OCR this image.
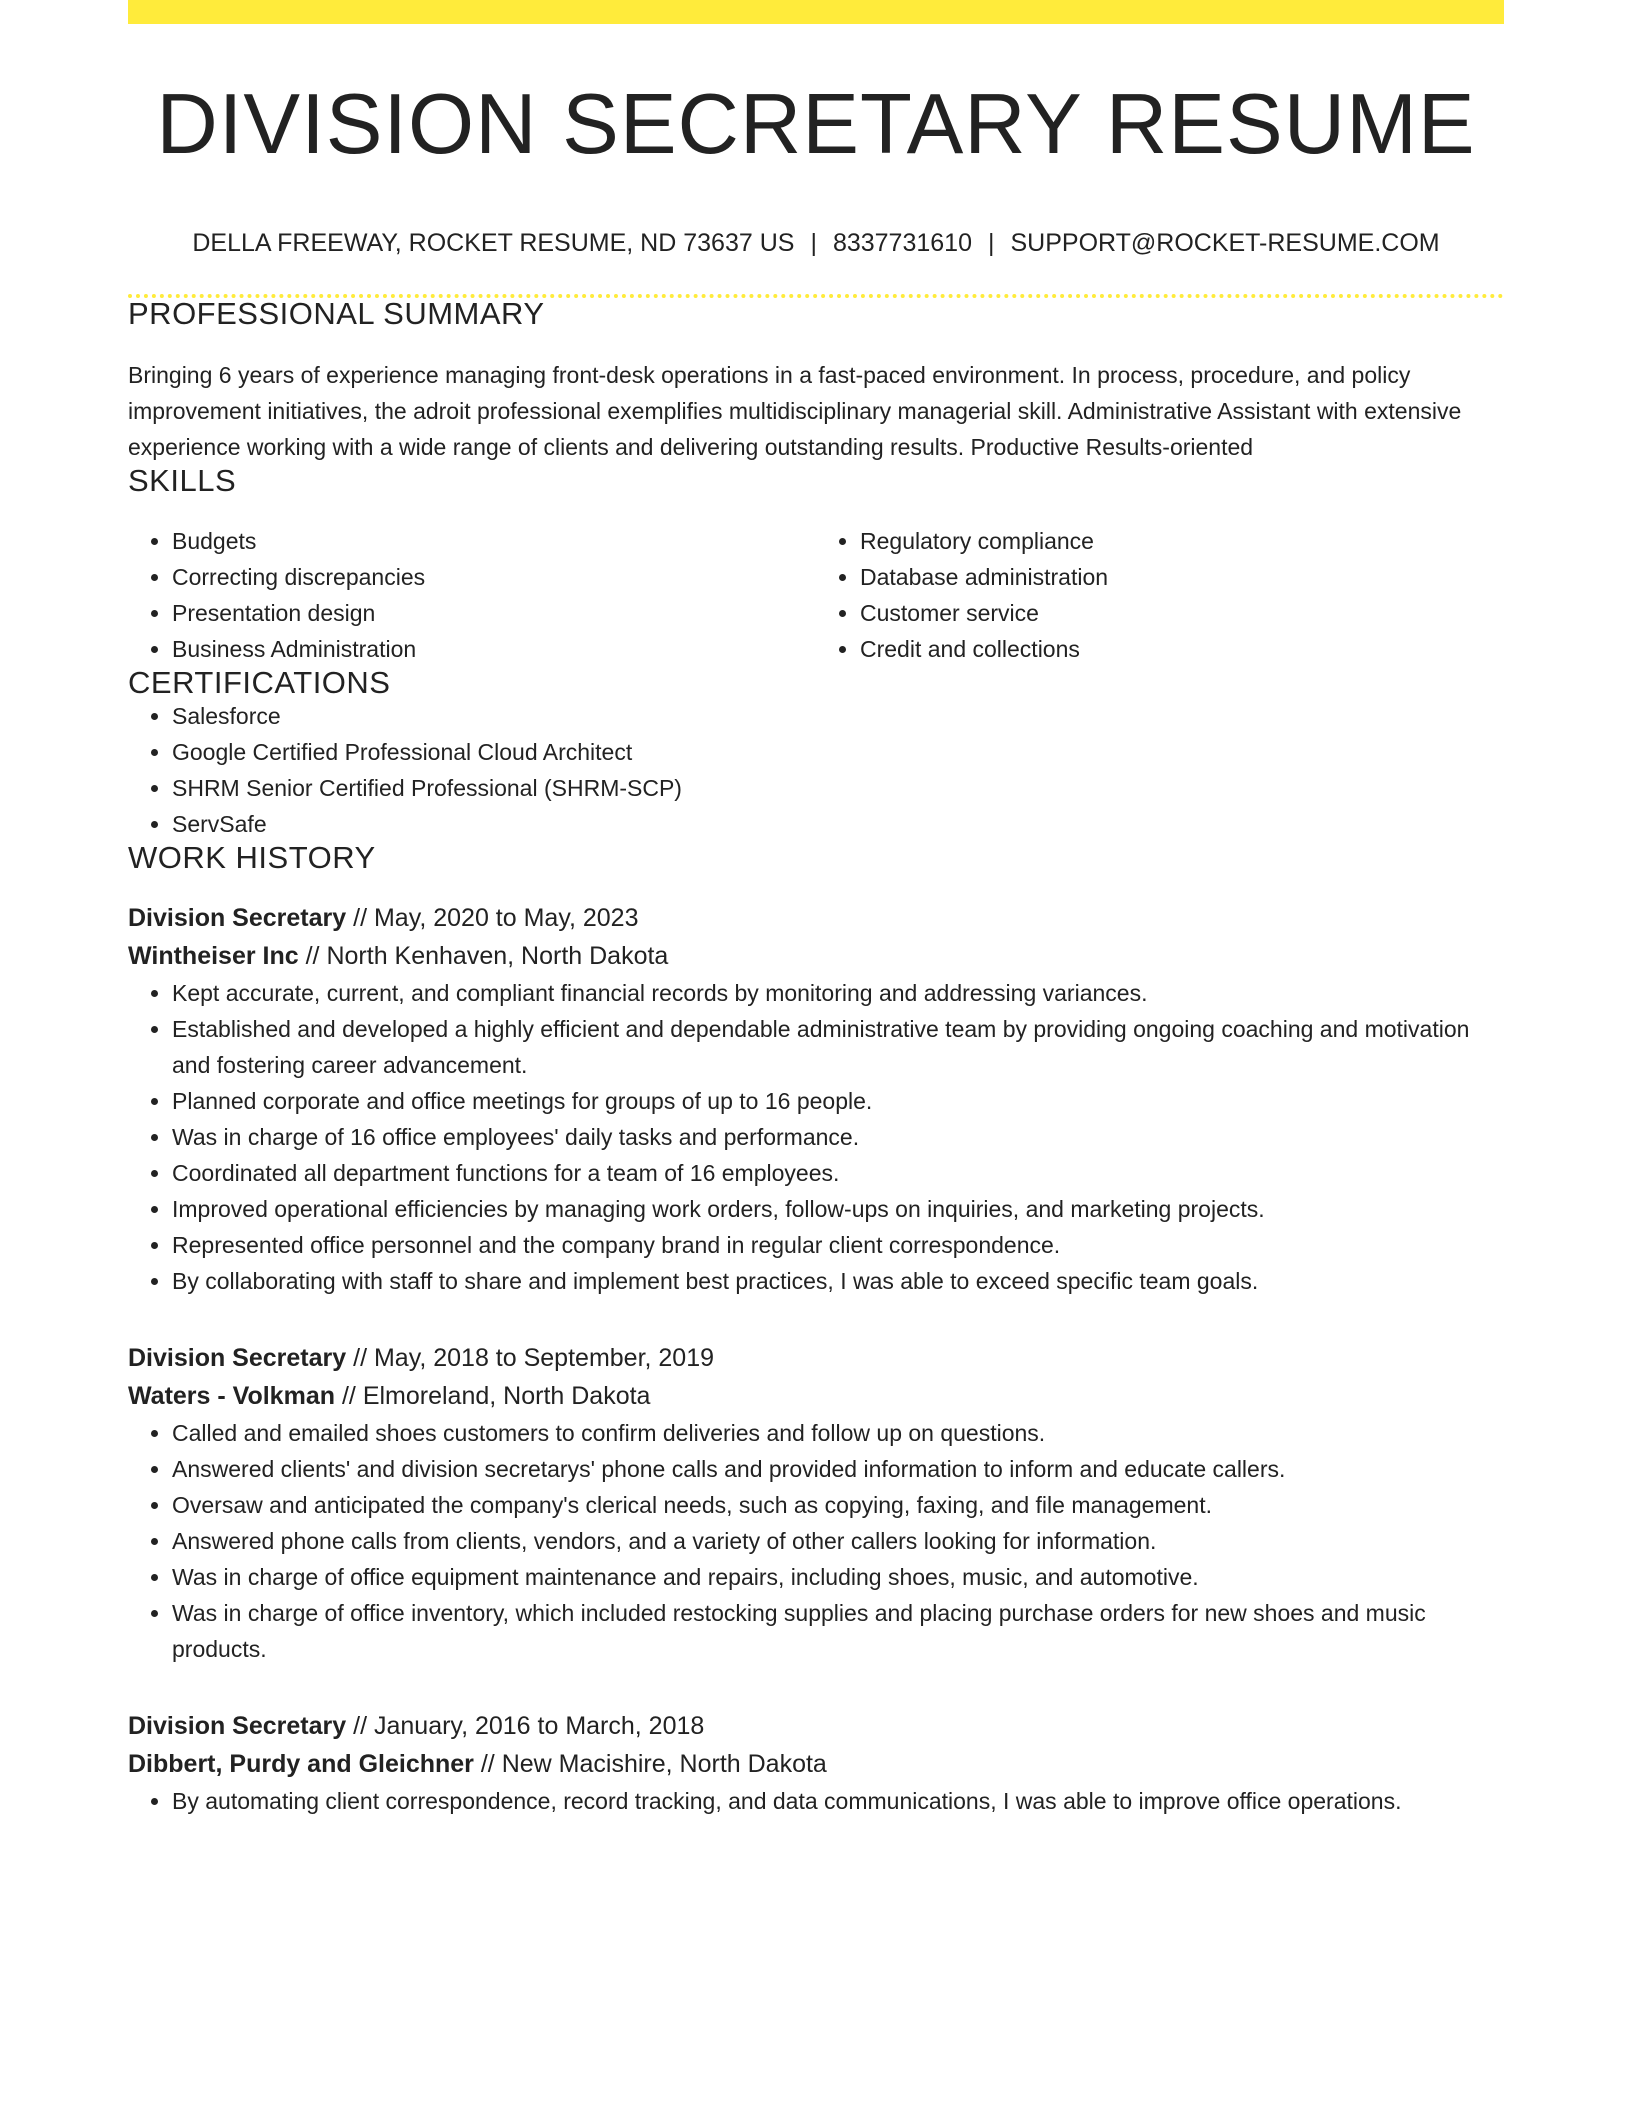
DIVISION SECRETARY RESUME
DELLA FREEWAY, ROCKET RESUME, ND 73637 US | 8337731610 | SUPPORT@ROCKET-RESUME.COM
PROFESSIONAL SUMMARY

Bringing 6 years of experience managing front-desk operations in a fast-paced environment. In process, procedure, and policy improvement initiatives, the adroit professional exemplifies multidisciplinary managerial skill. Administrative Assistant with extensive experience working with a wide range of clients and delivering outstanding results. Productive Results-oriented

SKILLS
• Budgets
• Correcting discrepancies
• Presentation design
• Business Administration
• Regulatory compliance
• Database administration
• Customer service
• Credit and collections
CERTIFICATIONS
• Salesforce
• Google Certified Professional Cloud Architect
• SHRM Senior Certified Professional (SHRM-SCP)
• ServSafe
WORK HISTORY
Division Secretary // May, 2020 to May, 2023
Wintheiser Inc // North Kenhaven, North Dakota
• Kept accurate, current, and compliant financial records by monitoring and addressing variances.
• Established and developed a highly efficient and dependable administrative team by providing ongoing coaching and motivation and fostering career advancement.
• Planned corporate and office meetings for groups of up to 16 people.
• Was in charge of 16 office employees' daily tasks and performance.
• Coordinated all department functions for a team of 16 employees.
• Improved operational efficiencies by managing work orders, follow-ups on inquiries, and marketing projects.
• Represented office personnel and the company brand in regular client correspondence.
• By collaborating with staff to share and implement best practices, I was able to exceed specific team goals.
Division Secretary // May, 2018 to September, 2019
Waters - Volkman // Elmoreland, North Dakota
• Called and emailed shoes customers to confirm deliveries and follow up on questions.
• Answered clients' and division secretarys' phone calls and provided information to inform and educate callers.
• Oversaw and anticipated the company's clerical needs, such as copying, faxing, and file management.
• Answered phone calls from clients, vendors, and a variety of other callers looking for information.
• Was in charge of office equipment maintenance and repairs, including shoes, music, and automotive.
• Was in charge of office inventory, which included restocking supplies and placing purchase orders for new shoes and music products.
Division Secretary // January, 2016 to March, 2018
Dibbert, Purdy and Gleichner // New Macishire, North Dakota
• By automating client correspondence, record tracking, and data communications, I was able to improve office operations.
